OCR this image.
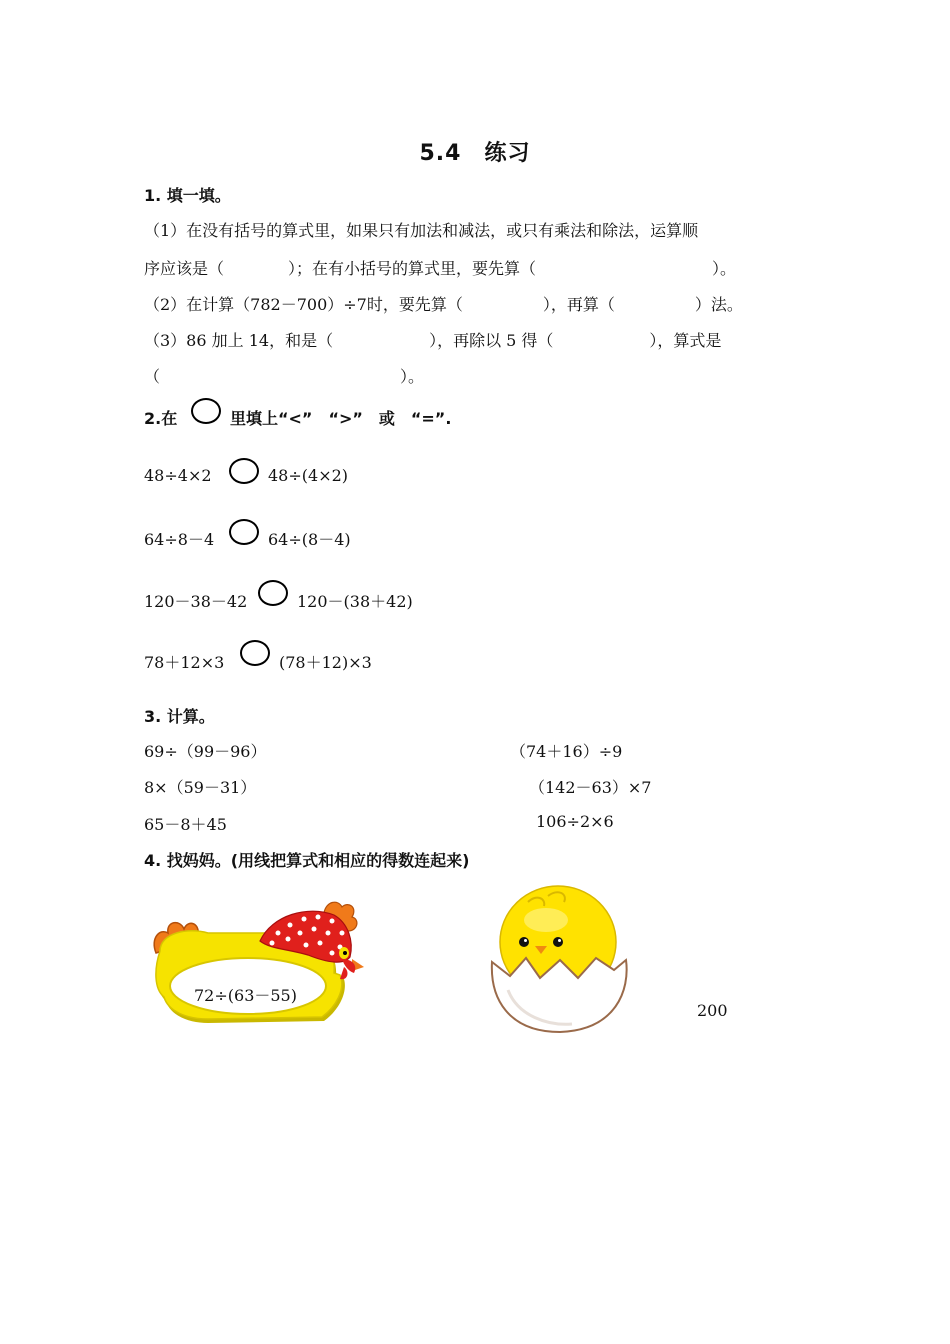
5.4　练习
1. 填一填。
（1）在没有括号的算式里，如果只有加法和减法，或只有乘法和除法，运算顺
序应该是（　　　　）；在有小括号的算式里，要先算（　　　　　　　　　　　）。
（2）在计算（782－700）÷7时，要先算（　　　　　），再算（　　　　　）法。
（3）86 加上 14，和是（　　　　　　），再除以 5 得（　　　　　　），算式是
（　　　　　　　　　　　　　　　）。
2.在	里填上“<”　“>”　或　“=”.
48÷4×2	48÷(4×2)
64÷8－4	64÷(8－4)
120－38－42	120－(38＋42)
78＋12×3	(78＋12)×3
3. 计算。
69÷（99－96）	（74＋16）÷9
8×（59－31）	（142－63）×7
65－8＋45	106÷2×6
4. 找妈妈。(用线把算式和相应的得数连起来)
72÷(63－55)
200
